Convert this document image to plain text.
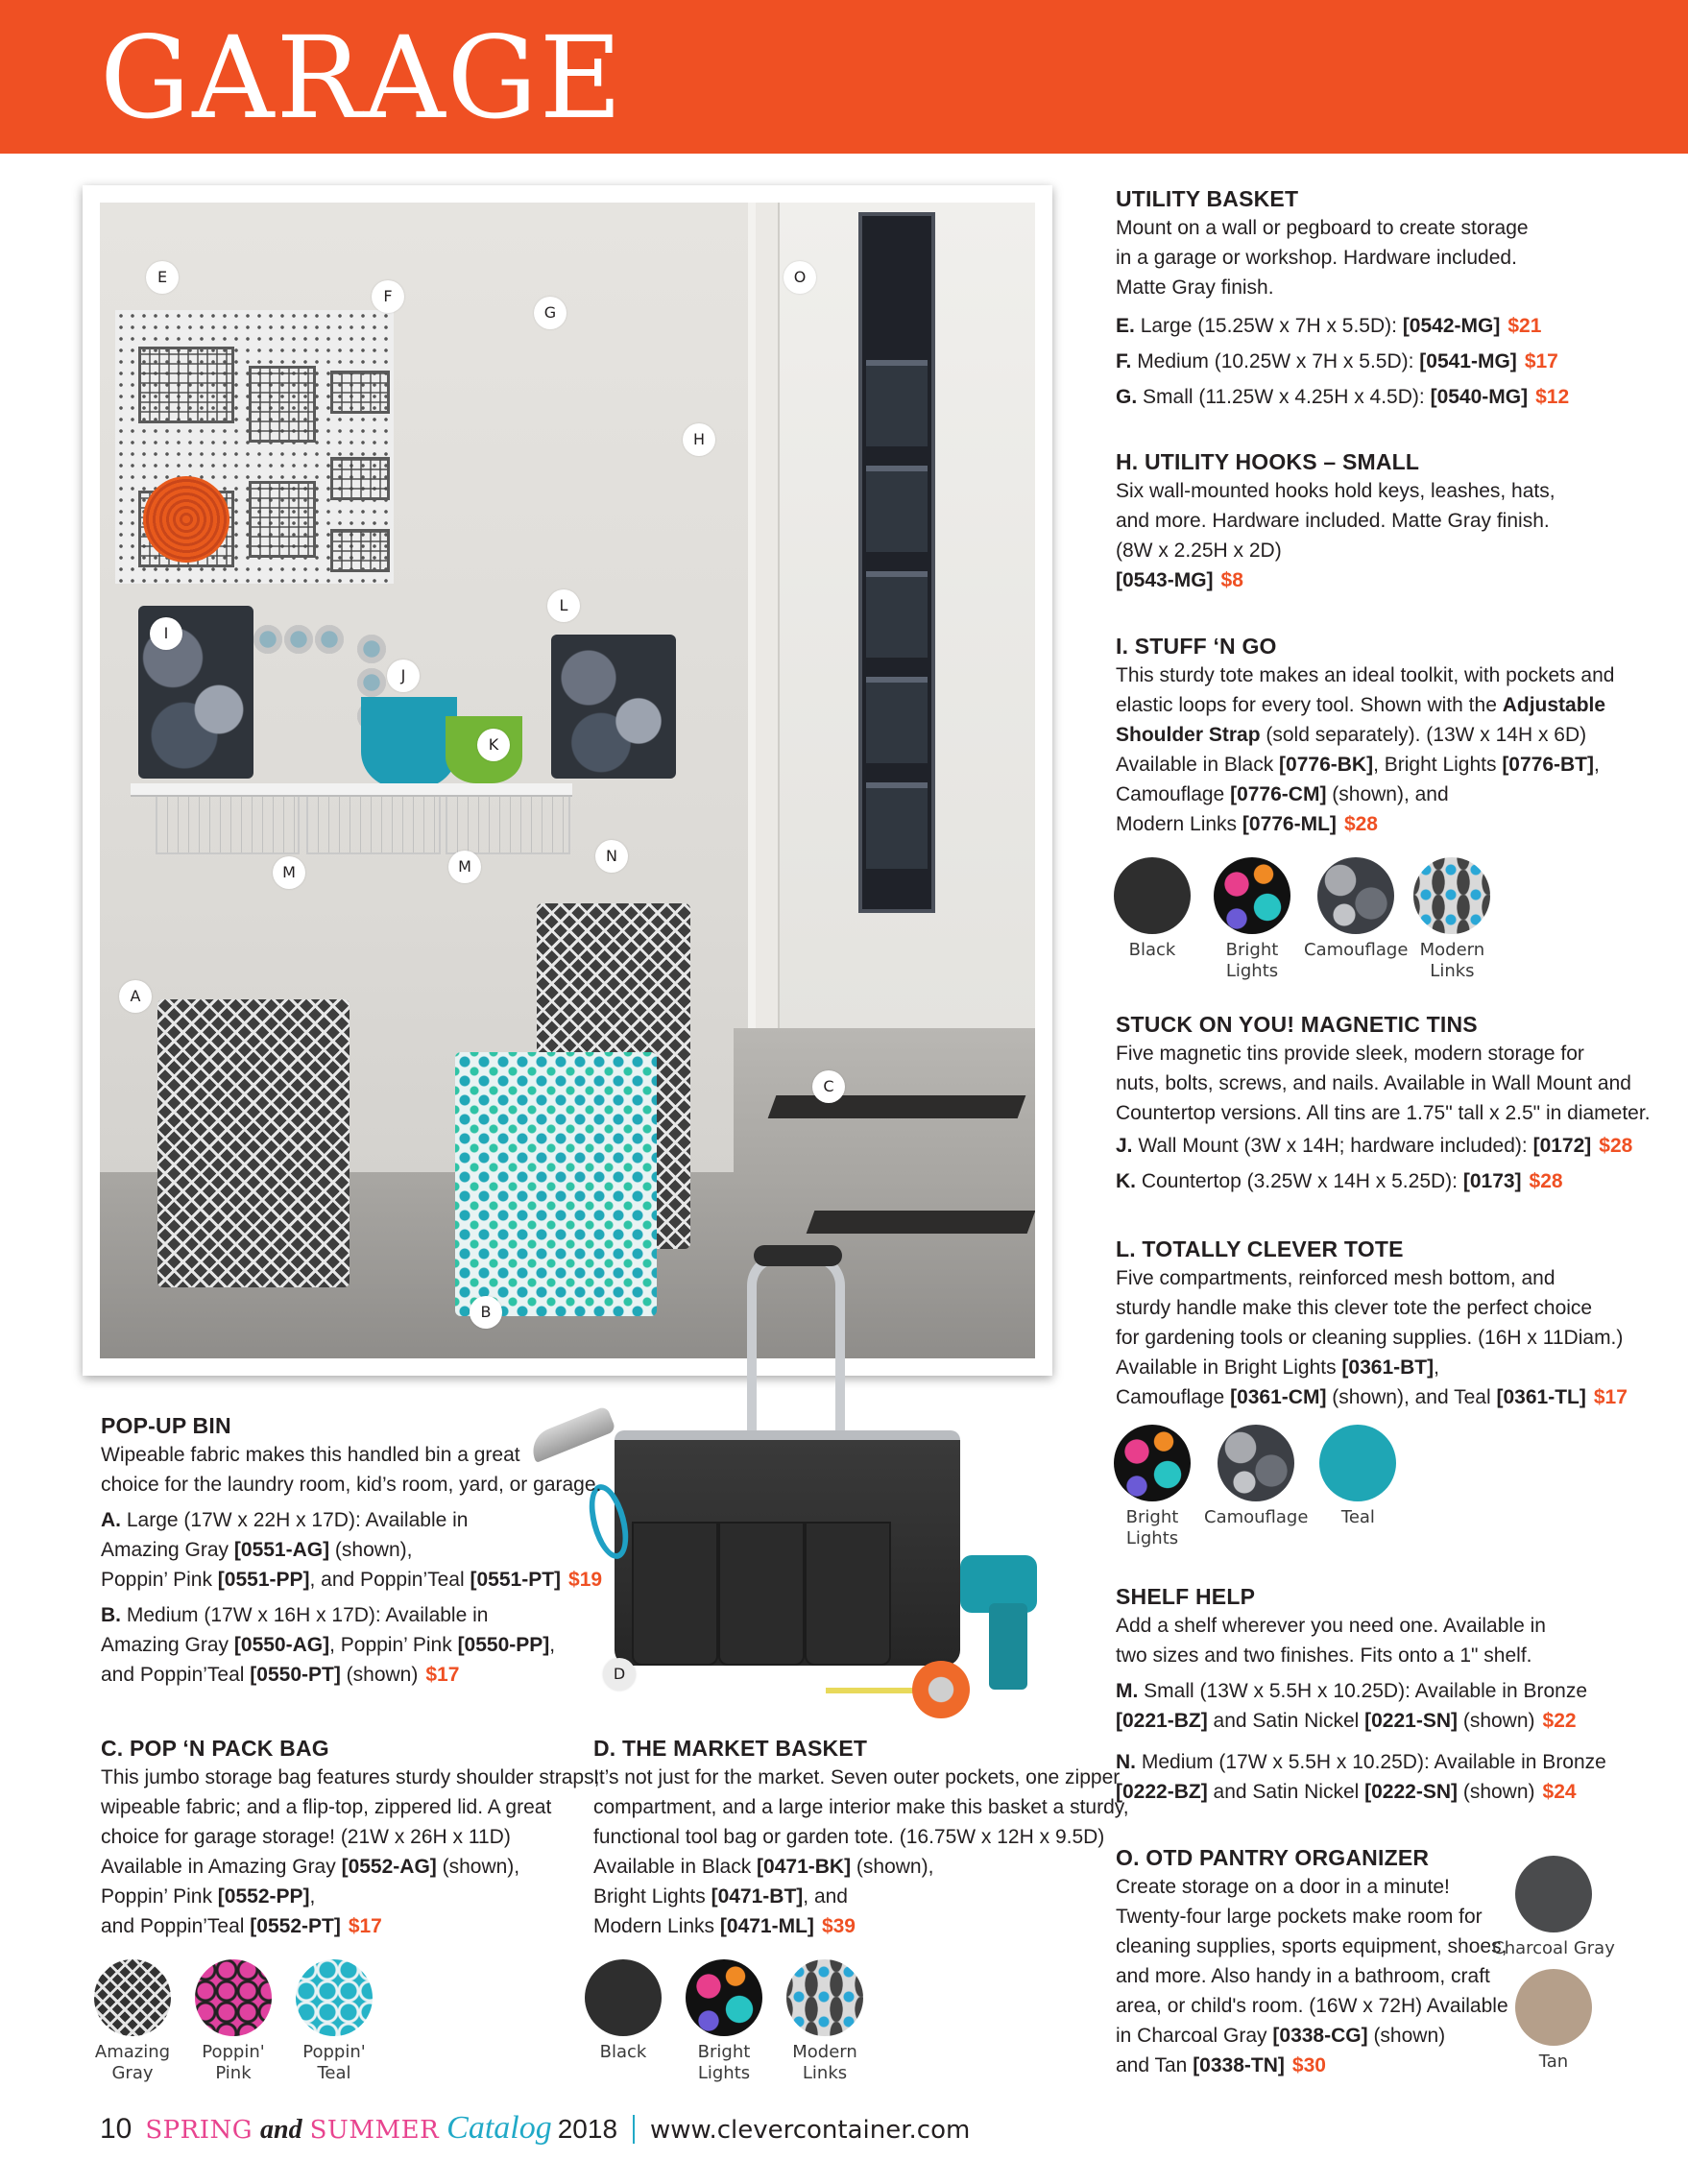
GARAGE
E
F
G
O
H
L
I
J
K
M	M
N
A
C
B
D
UTILITY BASKET
Mount on a wall or pegboard to create storage
in a garage or workshop. Hardware included.
Matte Gray finish.
E. Large (15.25W x 7H x 5.5D): [0542-MG] $21
F. Medium (10.25W x 7H x 5.5D): [0541-MG] $17
G. Small (11.25W x 4.25H x 4.5D): [0540-MG] $12
H. UTILITY HOOKS – SMALL
Six wall-mounted hooks hold keys, leashes, hats,
and more. Hardware included. Matte Gray finish.
(8W x 2.25H x 2D)
[0543-MG] $8
I. STUFF ‘N GO
This sturdy tote makes an ideal toolkit, with pockets and
elastic loops for every tool. Shown with the Adjustable
Shoulder Strap (sold separately). (13W x 14H x 6D)
Available in Black [0776-BK], Bright Lights [0776-BT],
Camouflage [0776-CM] (shown), and
Modern Links [0776-ML] $28
Black	Bright Lights
Camouflage Modern Links
STUCK ON YOU! MAGNETIC TINS
Five magnetic tins provide sleek, modern storage for
nuts, bolts, screws, and nails. Available in Wall Mount and
Countertop versions. All tins are 1.75" tall x 2.5" in diameter.
J. Wall Mount (3W x 14H; hardware included): [0172] $28
K. Countertop (3.25W x 14H x 5.25D): [0173] $28
L. TOTALLY CLEVER TOTE
Five compartments, reinforced mesh bottom, and
sturdy handle make this clever tote the perfect choice
for gardening tools or cleaning supplies. (16H x 11Diam.)
Available in Bright Lights [0361-BT],
Camouflage [0361-CM] (shown), and Teal [0361-TL] $17
Bright Lights
Camouflage Teal
SHELF HELP
Add a shelf wherever you need one. Available in
two sizes and two finishes. Fits onto a 1" shelf.
M. Small (13W x 5.5H x 10.25D): Available in Bronze
[0221-BZ] and Satin Nickel [0221-SN] (shown) $22
N. Medium (17W x 5.5H x 10.25D): Available in Bronze
[0222-BZ] and Satin Nickel [0222-SN] (shown) $24
O. OTD PANTRY ORGANIZER
Create storage on a door in a minute!
Twenty-four large pockets make room for
cleaning supplies, sports equipment, shoes,
and more. Also handy in a bathroom, craft
area, or child's room. (16W x 72H) Available
in Charcoal Gray [0338-CG] (shown)
and Tan [0338-TN] $30
Charcoal Gray
Tan
POP-UP BIN
Wipeable fabric makes this handled bin a great
choice for the laundry room, kid’s room, yard, or garage.
A. Large (17W x 22H x 17D): Available in
Amazing Gray [0551-AG] (shown),
Poppin’ Pink [0551-PP], and Poppin’Teal [0551-PT] $19
B. Medium (17W x 16H x 17D): Available in
Amazing Gray [0550-AG], Poppin’ Pink [0550-PP],
and Poppin’Teal [0550-PT] (shown) $17
C. POP ‘N PACK BAG
This jumbo storage bag features sturdy shoulder straps;
wipeable fabric; and a flip-top, zippered lid. A great
choice for garage storage! (21W x 26H x 11D)
Available in Amazing Gray [0552-AG] (shown),
Poppin’ Pink [0552-PP],
and Poppin’Teal [0552-PT] $17
Amazing Gray
Poppin' Pink
Poppin' Teal
D. THE MARKET BASKET
It’s not just for the market. Seven outer pockets, one zipper
compartment, and a large interior make this basket a sturdy,
functional tool bag or garden tote. (16.75W x 12H x 9.5D)
Available in Black [0471-BK] (shown),
Bright Lights [0471-BT], and
Modern Links [0471-ML] $39
Black	Bright Lights
Modern Links
10 SPRING and SUMMER Catalog 2018 www.clevercontainer.com
